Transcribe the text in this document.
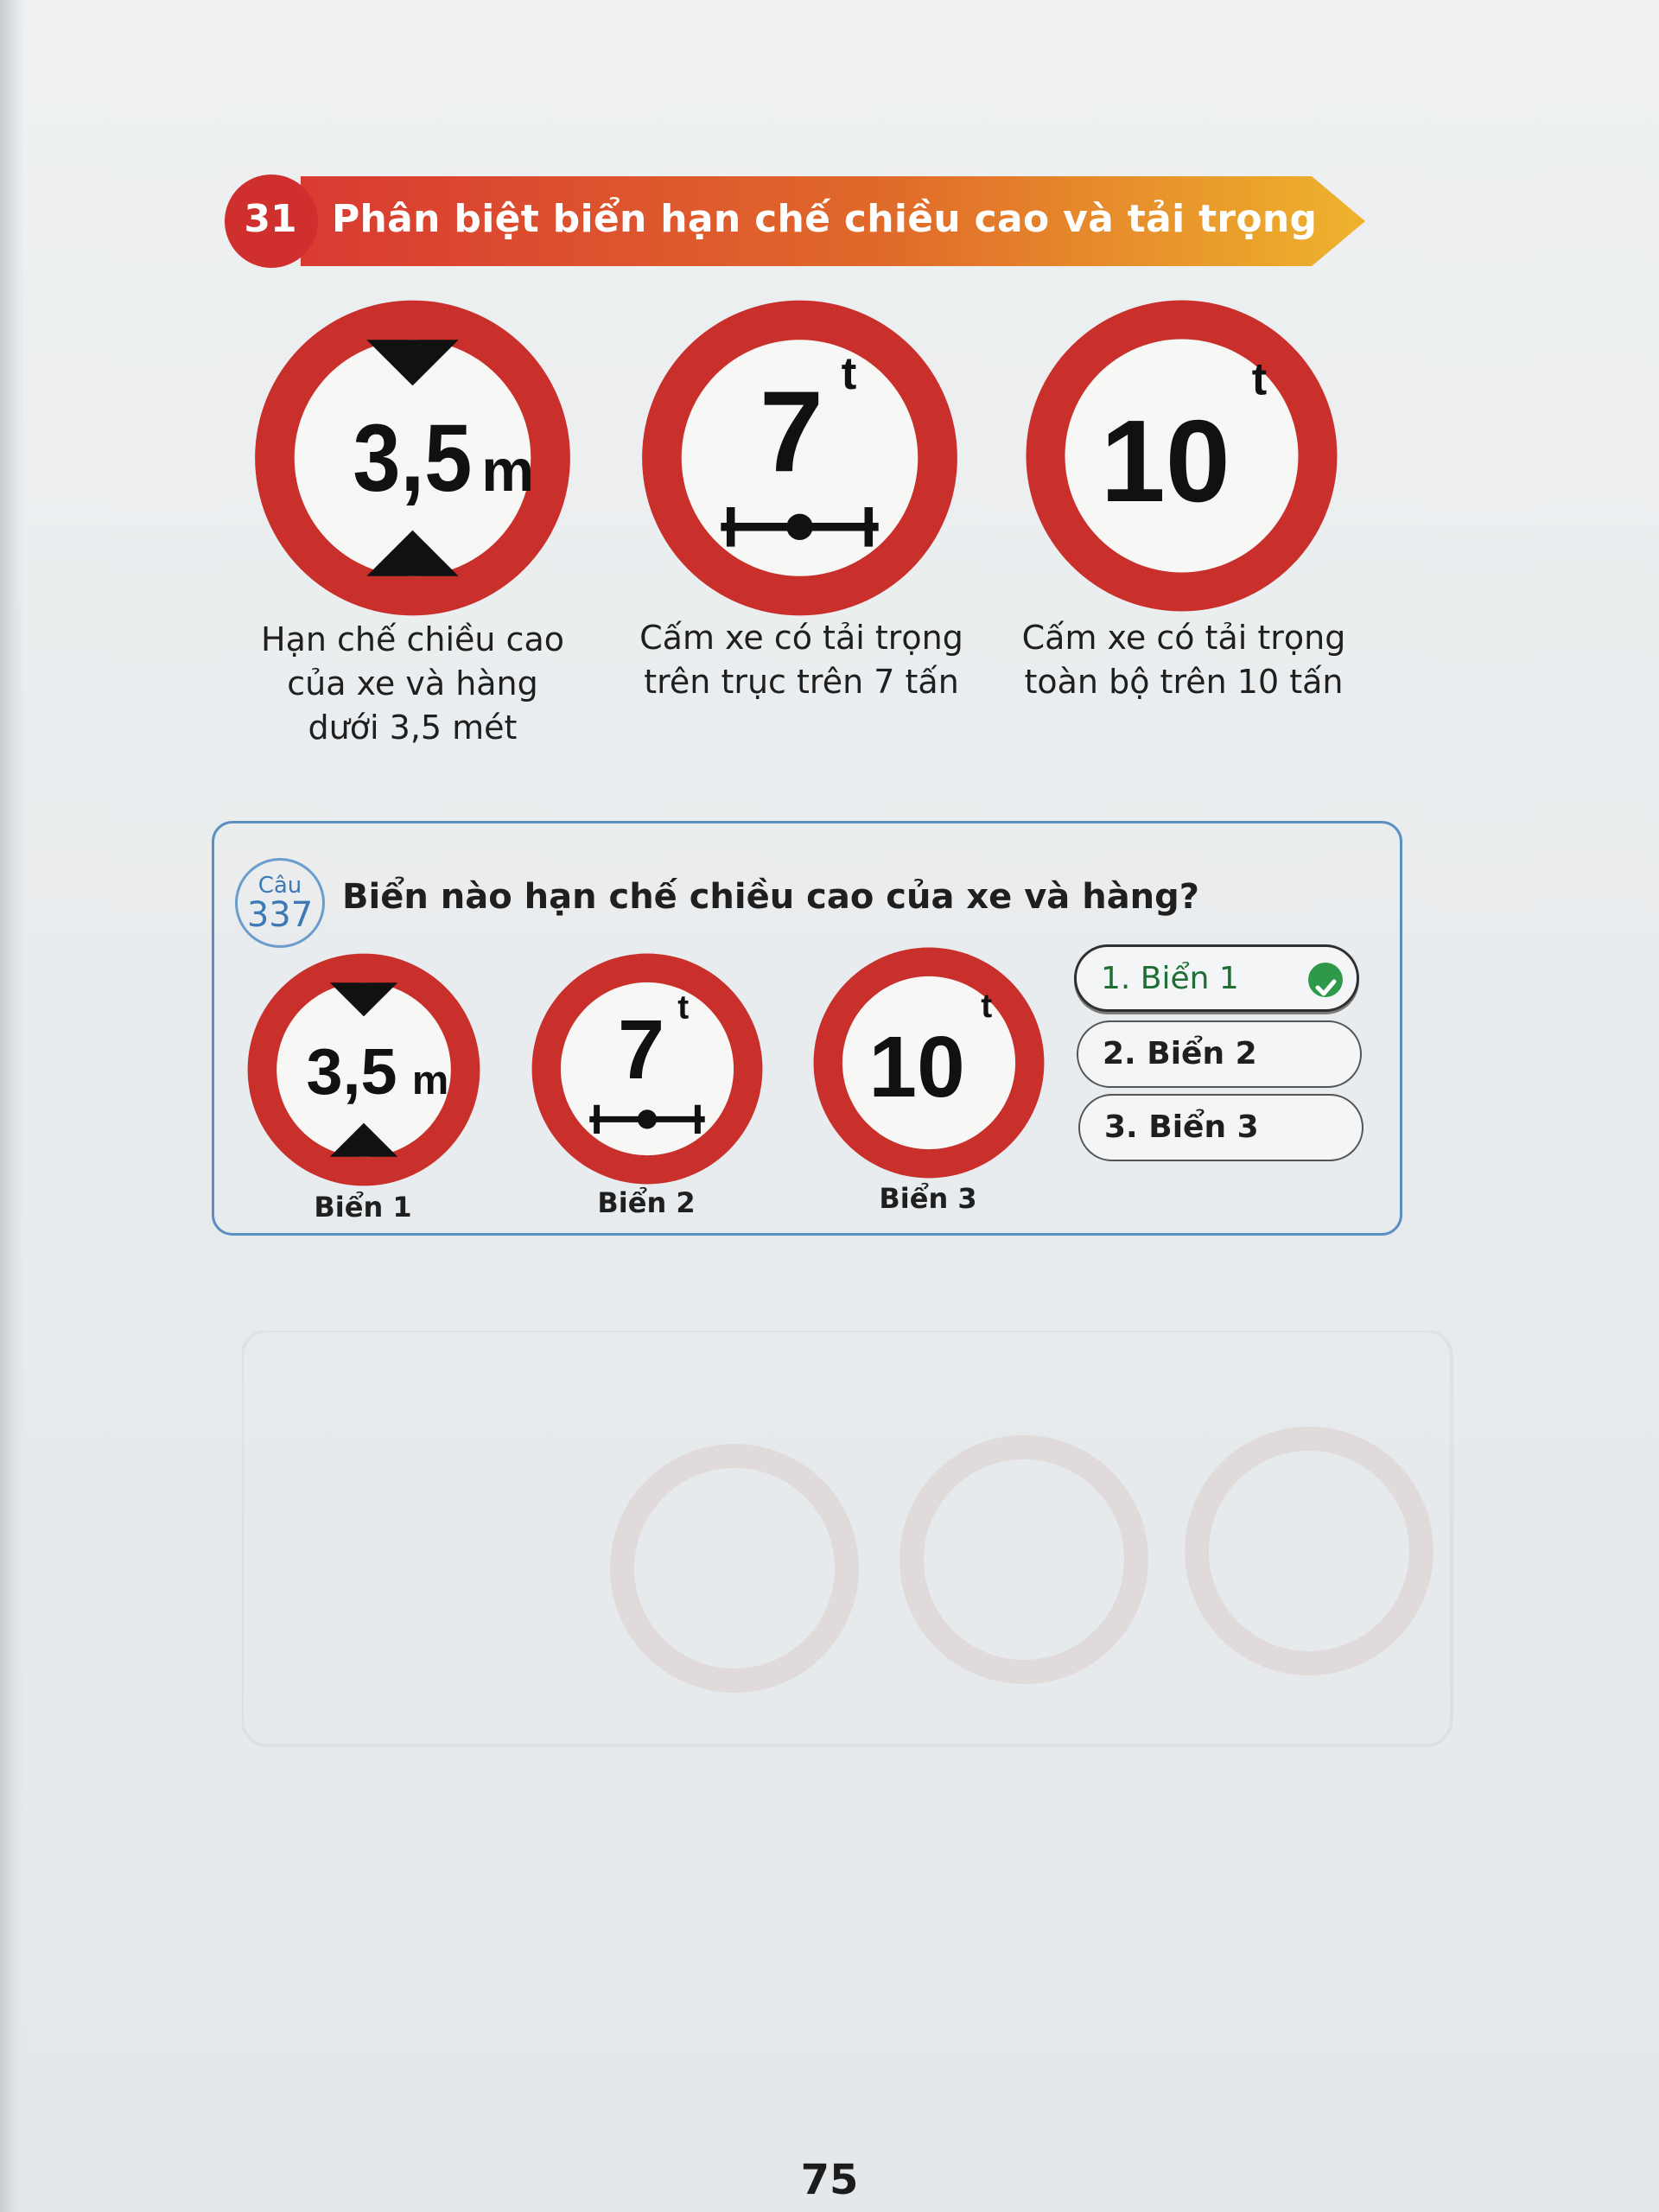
31 Phân biệt biển hạn chế chiều cao và tải trọng
3,5 m	7 t
10
t
Hạn chế chiều cao
của xe và hàng
dưới 3,5 mét
Cấm xe có tải trọng
trên trục trên 7 tấn
Cấm xe có tải trọng
toàn bộ trên 10 tấn
Câu
337 Biển nào hạn chế chiều cao của xe và hàng?
3,5 m	7 t
10
t
Biển 1	Biển 2	Biển 3
1. Biển 1
2. Biển 2
3. Biển 3
75
